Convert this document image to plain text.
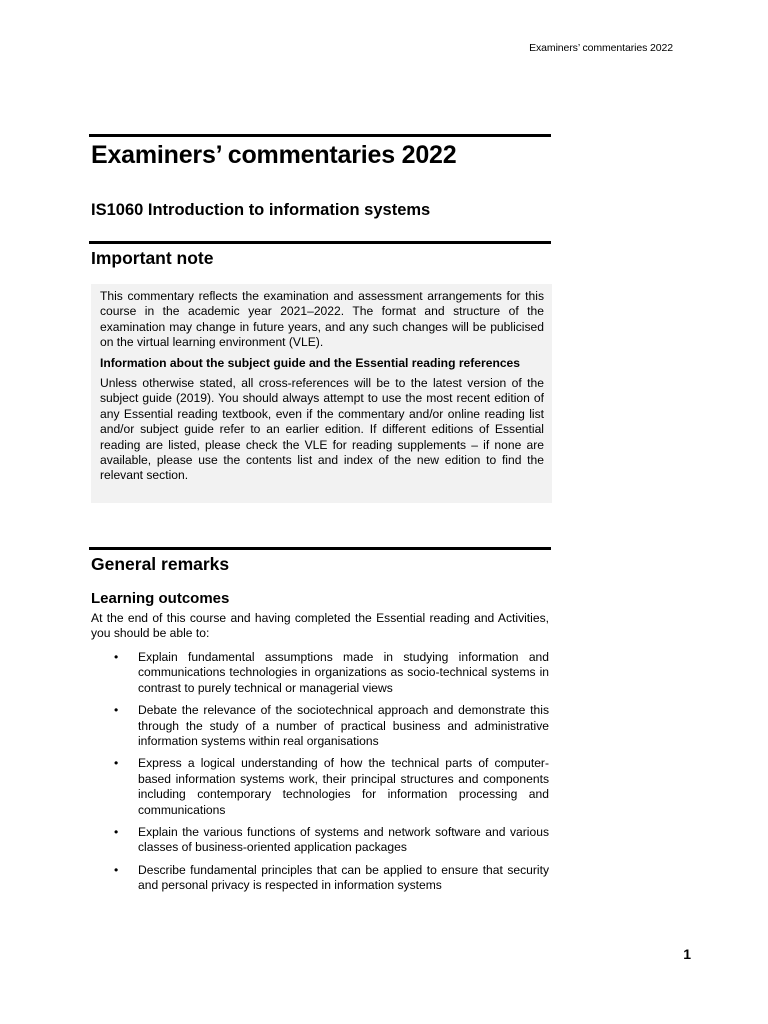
Examiners’ commentaries 2022
Examiners’ commentaries 2022
IS1060 Introduction to information systems
Important note

This commentary reflects the examination and assessment arrangements for this course in the academic year 2021–2022. The format and structure of the examination may change in future years, and any such changes will be publicised on the virtual learning environment (VLE).

Information about the subject guide and the Essential reading references

Unless otherwise stated, all cross-references will be to the latest version of the subject guide (2019). You should always attempt to use the most recent edition of any Essential reading textbook, even if the commentary and/or online reading list and/or subject guide refer to an earlier edition. If different editions of Essential reading are listed, please check the VLE for reading supplements – if none are available, please use the contents list and index of the new edition to find the relevant section.

General remarks
Learning outcomes

At the end of this course and having completed the Essential reading and Activities, you should be able to:

• Explain fundamental assumptions made in studying information and communications technologies in organizations as socio-technical systems in contrast to purely technical or managerial views
• Debate the relevance of the sociotechnical approach and demonstrate this through the study of a number of practical business and administrative information systems within real organisations
• Express a logical understanding of how the technical parts of computer-based information systems work, their principal structures and components including contemporary technologies for information processing and communications
• Explain the various functions of systems and network software and various classes of business-oriented application packages
• Describe fundamental principles that can be applied to ensure that security and personal privacy is respected in information systems
1
